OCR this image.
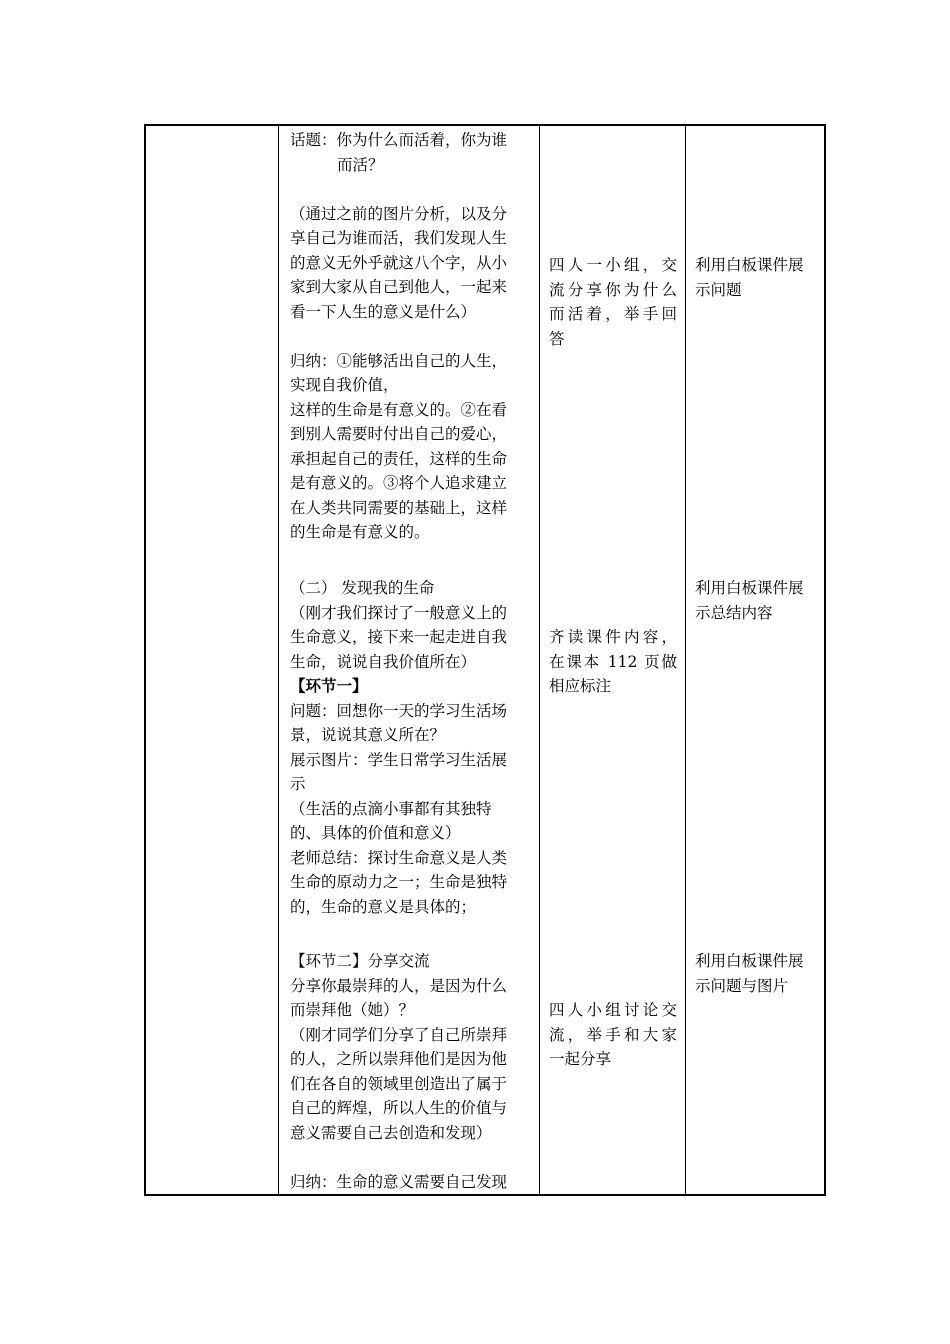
话题：你为什么而活着，你为谁
而活？
（通过之前的图片分析，以及分
享自己为谁而活，我们发现人生
的意义无外乎就这八个字，从小
家到大家从自己到他人，一起来
看一下人生的意义是什么）
归纳：①能够活出自己的人生，
实现自我价值，
这样的生命是有意义的。②在看
到别人需要时付出自己的爱心，
承担起自己的责任，这样的生命
是有意义的。③将个人追求建立
在人类共同需要的基础上，这样
的生命是有意义的。
（二） 发现我的生命
（刚才我们探讨了一般意义上的
生命意义，接下来一起走进自我
生命，说说自我价值所在）
【环节一】
问题：回想你一天的学习生活场
景，说说其意义所在？
展示图片：学生日常学习生活展
示
（生活的点滴小事都有其独特
的、具体的价值和意义）
老师总结：探讨生命意义是人类
生命的原动力之一；生命是独特
的，生命的意义是具体的；
【环节二】分享交流
分享你最崇拜的人，是因为什么
而崇拜他（她）？
（刚才同学们分享了自己所崇拜
的人，之所以崇拜他们是因为他
们在各自的领域里创造出了属于
自己的辉煌，所以人生的价值与
意义需要自己去创造和发现）
归纳：生命的意义需要自己发现
四人一小组，交
流分享你为什么
而活着，举手回
答
齐读课件内容，
在课本 112 页做
相应标注
四人小组讨论交
流，举手和大家
一起分享
利用白板课件展
示问题
利用白板课件展
示总结内容
利用白板课件展
示问题与图片
